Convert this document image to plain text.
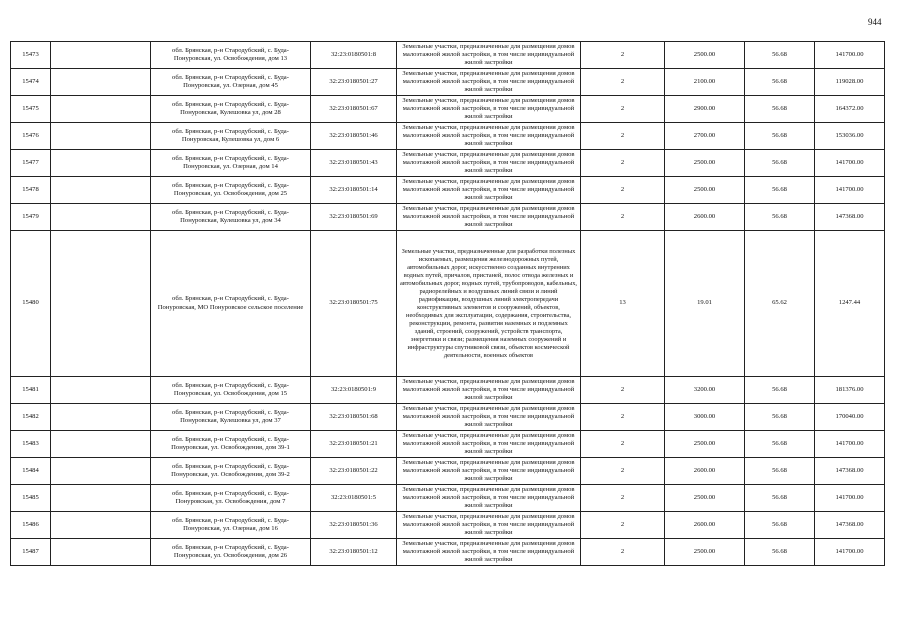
944
15473		обл. Брянская, р-н Стародубский, с. Буда-Понуровская, ул. Освобождения, дом 13	32:23:0180501:8	Земельные участки, предназначенные для размещения домов малоэтажной жилой застройки, в том числе индивидуальной жилой застройки	2	2500.00	56.68	141700.00
15474		обл. Брянская, р-н Стародубский, с. Буда-Понуровская, ул. Озерная, дом 45	32:23:0180501:27	Земельные участки, предназначенные для размещения домов малоэтажной жилой застройки, в том числе индивидуальной жилой застройки	2	2100.00	56.68	119028.00
15475		обл. Брянская, р-н Стародубский, с. Буда-Понуровская, Кулешовка ул, дом 28	32:23:0180501:67	Земельные участки, предназначенные для размещения домов малоэтажной жилой застройки, в том числе индивидуальной жилой застройки	2	2900.00	56.68	164372.00
15476		обл. Брянская, р-н Стародубский, с. Буда-Понуровская, Кулешовка ул, дом 6	32:23:0180501:46	Земельные участки, предназначенные для размещения домов малоэтажной жилой застройки, в том числе индивидуальной жилой застройки	2	2700.00	56.68	153036.00
15477		обл. Брянская, р-н Стародубский, с. Буда-Понуровская, ул. Озерная, дом 14	32:23:0180501:43	Земельные участки, предназначенные для размещения домов малоэтажной жилой застройки, в том числе индивидуальной жилой застройки	2	2500.00	56.68	141700.00
15478		обл. Брянская, р-н Стародубский, с. Буда-Понуровская, ул. Освобождения, дом 25	32:23:0180501:14	Земельные участки, предназначенные для размещения домов малоэтажной жилой застройки, в том числе индивидуальной жилой застройки	2	2500.00	56.68	141700.00
15479		обл. Брянская, р-н Стародубский, с. Буда-Понуровская, Кулешовка ул, дом 34	32:23:0180501:69	Земельные участки, предназначенные для размещения домов малоэтажной жилой застройки, в том числе индивидуальной жилой застройки	2	2600.00	56.68	147368.00
15480		обл. Брянская, р-н Стародубский, с. Буда-Понуровская, МО Понуровское сельское поселение	32:23:0180501:75	Земельные участки, предназначенные для разработки полезных ископаемых, размещения железнодорожных путей, автомобильных дорог, искусственно созданных внутренних водных путей, причалов, пристаней, полос отвода железных и автомобильных дорог, водных путей, трубопроводов, кабельных, радиорелейных и воздушных линий связи и линий радиофикации, воздушных линий электропередачи конструктивных элементов и сооружений, объектов, необходимых для эксплуатации, содержания, строительства, реконструкции, ремонта, развития наземных и подземных зданий, строений, сооружений, устройств транспорта, энергетики и связи; размещения наземных сооружений и инфраструктуры спутниковой связи, объектов космической деятельности, военных объектов	13	19.01	65.62	1247.44
15481		обл. Брянская, р-н Стародубский, с. Буда-Понуровская, ул. Освобождения, дом 15	32:23:0180501:9	Земельные участки, предназначенные для размещения домов малоэтажной жилой застройки, в том числе индивидуальной жилой застройки	2	3200.00	56.68	181376.00
15482		обл. Брянская, р-н Стародубский, с. Буда-Понуровская, Кулешовка ул, дом 37	32:23:0180501:68	Земельные участки, предназначенные для размещения домов малоэтажной жилой застройки, в том числе индивидуальной жилой застройки	2	3000.00	56.68	170040.00
15483		обл. Брянская, р-н Стародубский, с. Буда-Понуровская, ул. Освобождения, дом 39-1	32:23:0180501:21	Земельные участки, предназначенные для размещения домов малоэтажной жилой застройки, в том числе индивидуальной жилой застройки	2	2500.00	56.68	141700.00
15484		обл. Брянская, р-н Стародубский, с. Буда-Понуровская, ул. Освобождения, дом 39-2	32:23:0180501:22	Земельные участки, предназначенные для размещения домов малоэтажной жилой застройки, в том числе индивидуальной жилой застройки	2	2600.00	56.68	147368.00
15485		обл. Брянская, р-н Стародубский, с. Буда-Понуровская, ул. Освобождения, дом 7	32:23:0180501:5	Земельные участки, предназначенные для размещения домов малоэтажной жилой застройки, в том числе индивидуальной жилой застройки	2	2500.00	56.68	141700.00
15486		обл. Брянская, р-н Стародубский, с. Буда-Понуровская, ул. Озерная, дом 16	32:23:0180501:36	Земельные участки, предназначенные для размещения домов малоэтажной жилой застройки, в том числе индивидуальной жилой застройки	2	2600.00	56.68	147368.00
15487		обл. Брянская, р-н Стародубский, с. Буда-Понуровская, ул. Освобождения, дом 26	32:23:0180501:12	Земельные участки, предназначенные для размещения домов малоэтажной жилой застройки, в том числе индивидуальной жилой застройки	2	2500.00	56.68	141700.00
